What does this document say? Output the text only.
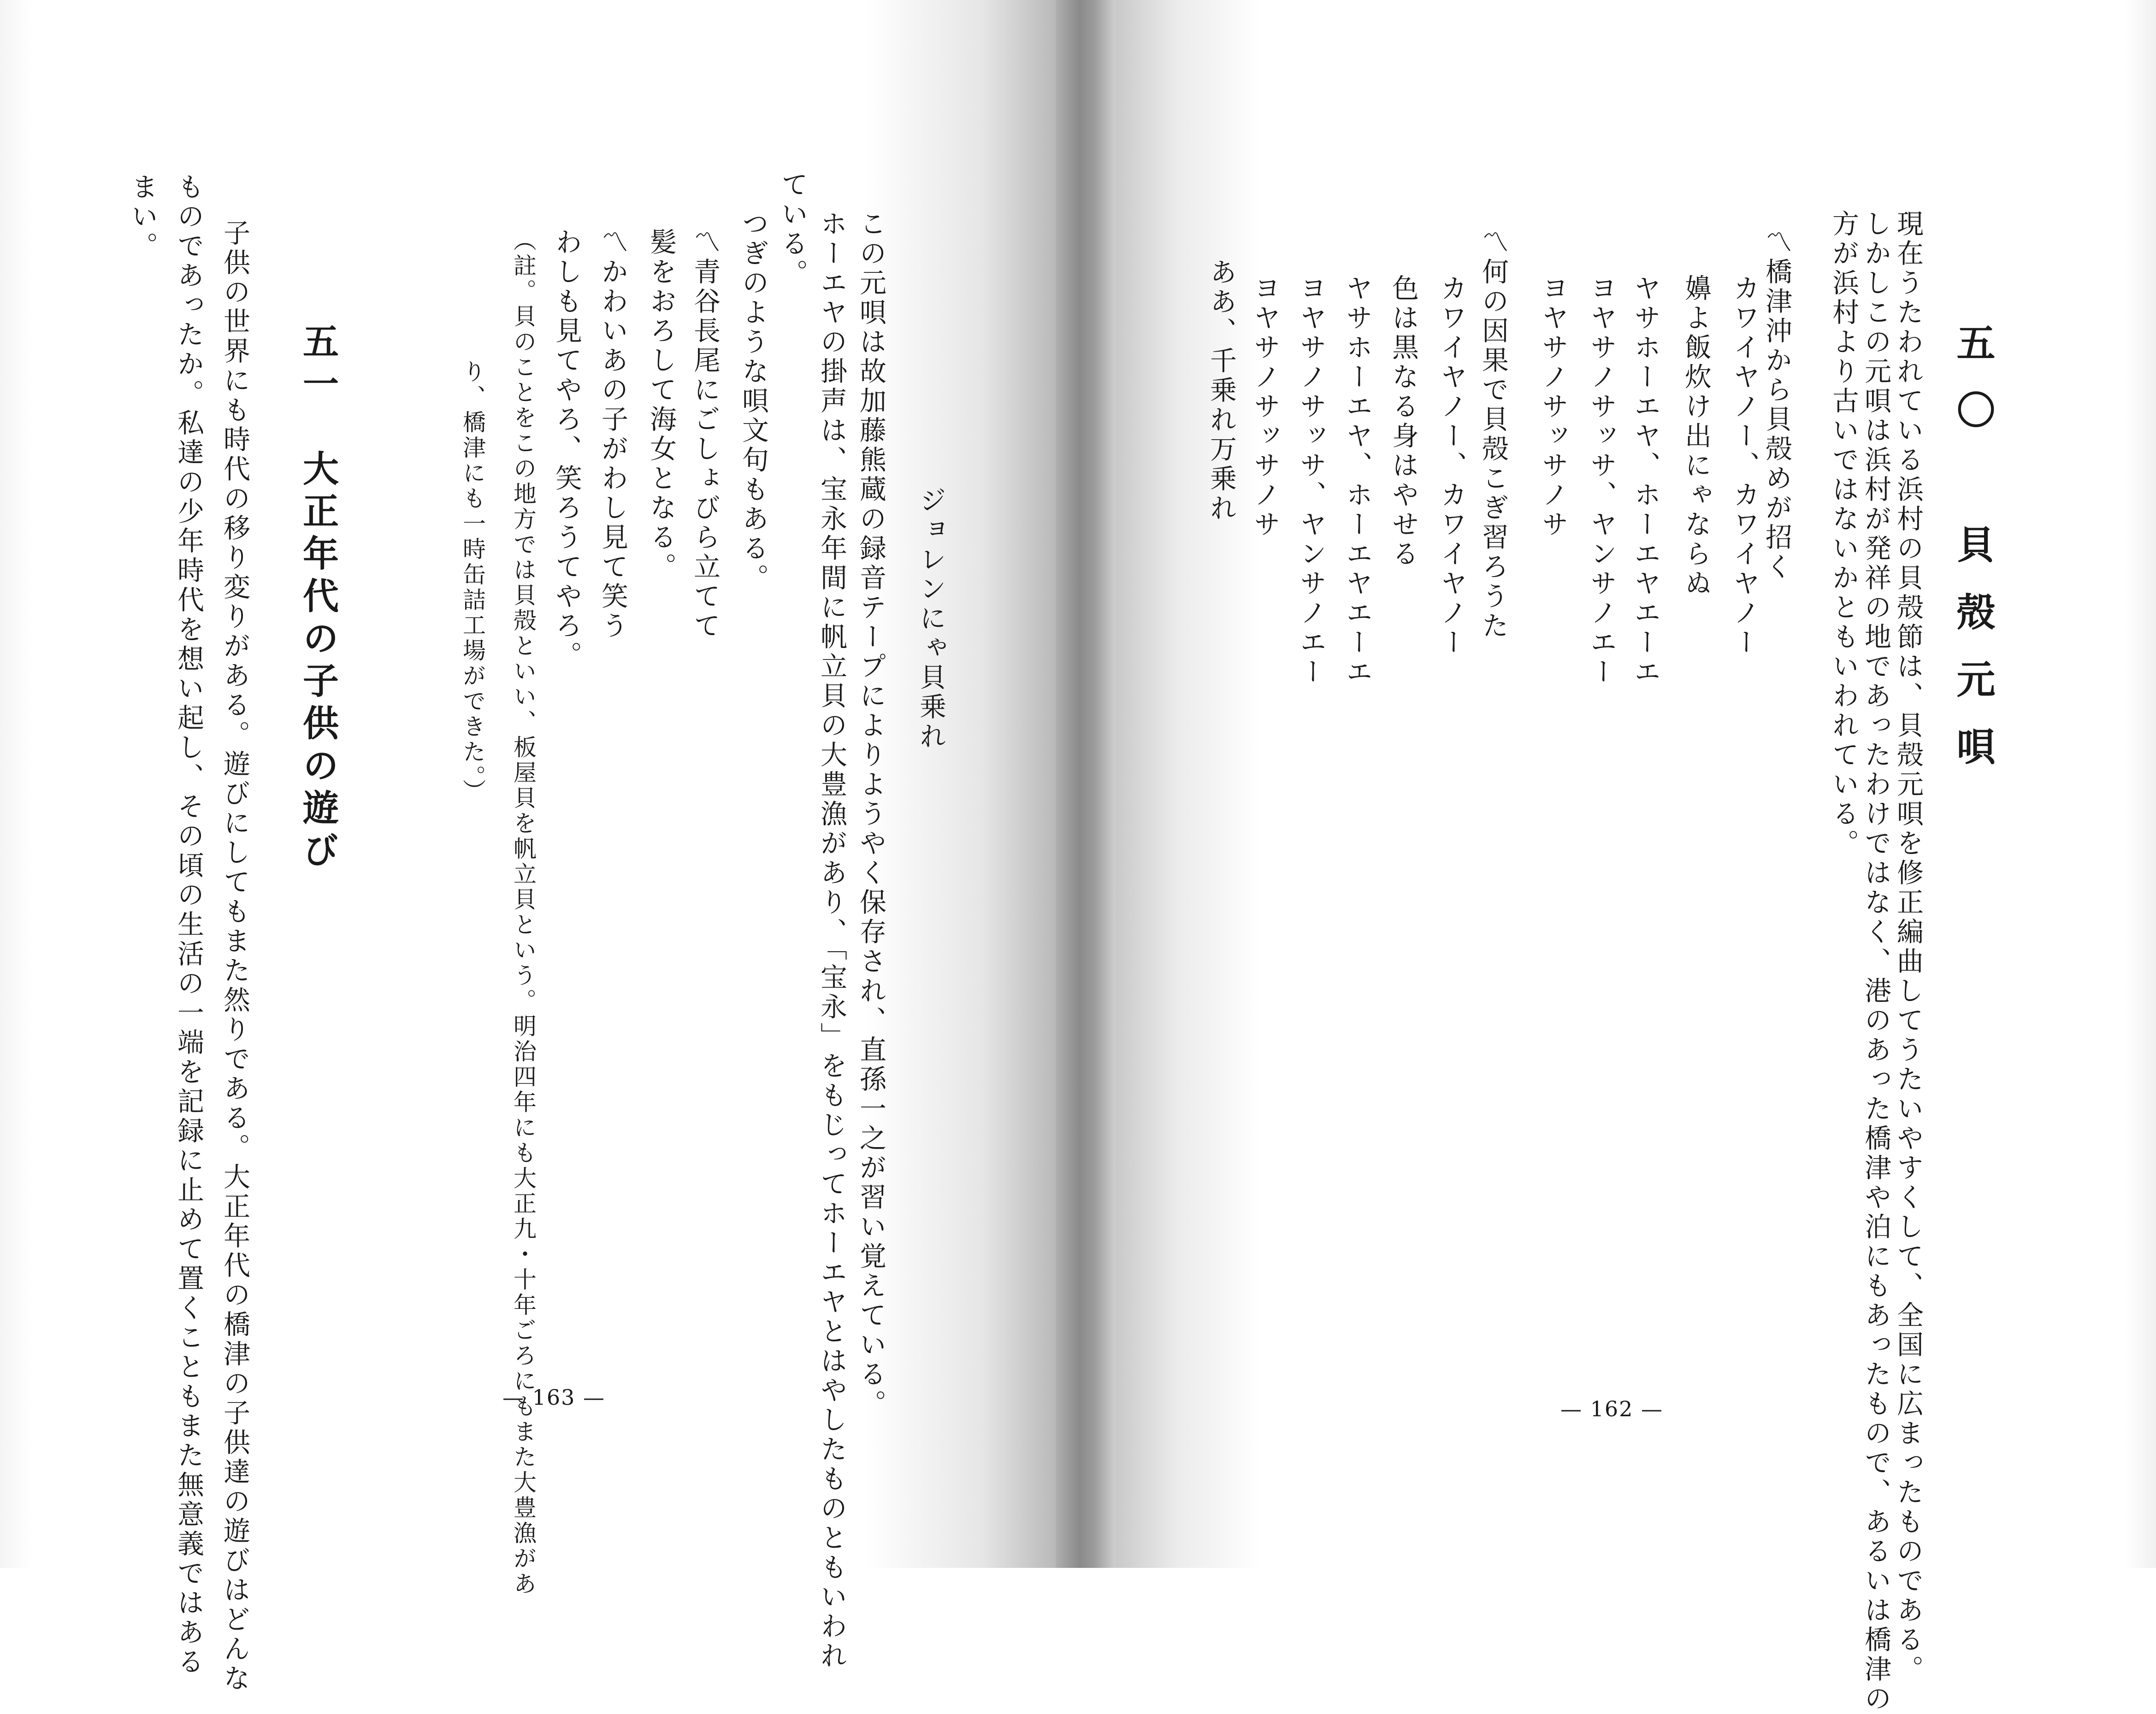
五〇　貝殻元唄
現在うたわれている浜村の貝殻節は、貝殻元唄を修正編曲してうたいやすくして、全国に広まったものである。
しかしこの元唄は浜村が発祥の地であったわけではなく、港のあった橋津や泊にもあったもので、あるいは橋津の
方が浜村より古いではないかともいわれている。
〽橋津沖から貝殻めが招く
カワイヤノー、カワイヤノー
嬶よ飯炊け出にゃならぬ
ヤサホーエヤ、ホーエヤエーエ
ヨヤサノサッサ、ヤンサノエー
ヨヤサノサッサノサ
〽何の因果で貝殻こぎ習ろうた
カワイヤノー、カワイヤノー
色は黒なる身はやせる
ヤサホーエヤ、ホーエヤエーエ
ヨヤサノサッサ、ヤンサノエー
ヨヤサノサッサノサ
ああ、千乗れ万乗れ
— 162 —
ジョレンにゃ貝乗れ
この元唄は故加藤熊蔵の録音テープによりようやく保存され、直孫一之が習い覚えている。
ホーエヤの掛声は、宝永年間に帆立貝の大豊漁があり、「宝永」をもじってホーエヤとはやしたものともいわれ
ている。
つぎのような唄文句もある。
〽青谷長尾にごしょびら立てて
髪をおろして海女となる。
〽かわいあの子がわし見て笑う
わしも見てやろ、笑ろうてやろ。
（註。貝のことをこの地方では貝殻といい、板屋貝を帆立貝という。明治四年にも大正九・十年ごろにもまた大豊漁があ
り、橋津にも一時缶詰工場ができた。）
五一　大正年代の子供の遊び
子供の世界にも時代の移り変りがある。遊びにしてもまた然りである。大正年代の橋津の子供達の遊びはどんな
ものであったか。私達の少年時代を想い起し、その頃の生活の一端を記録に止めて置くこともまた無意義ではある
まい。
— 163 —
